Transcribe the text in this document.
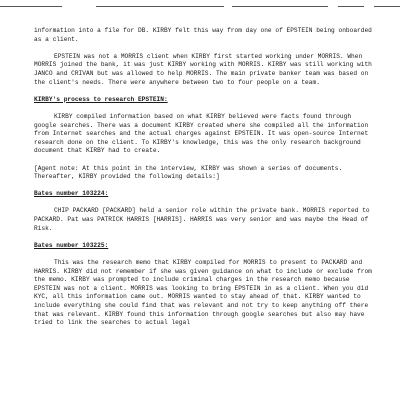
information into a file for DB. KIRBY felt this way from day one of EPSTEIN being onboarded as a client.

EPSTEIN was not a MORRIS client when KIRBY first started working under MORRIS. When MORRIS joined the bank, it was just KIRBY working with MORRIS. KIRBY was still working with JANCO and CRIVAN but was allowed to help MORRIS. The main private banker team was based on the client's needs. There were anywhere between two to four people on a team.

KIRBY's process to research EPSTEIN:

KIRBY compiled information based on what KIRBY believed were facts found through google searches. There was a document KIRBY created where she compiled all the information from Internet searches and the actual charges against EPSTEIN. It was open-source Internet research done on the client. To KIRBY's knowledge, this was the only research background document that KIRBY had to create.

[Agent note: At this point in the interview, KIRBY was shown a series of documents. Thereafter, KIRBY provided the following details:]

Bates number 103224:

CHIP PACKARD [PACKARD] held a senior role within the private bank. MORRIS reported to PACKARD. Pat was PATRICK HARRIS [HARRIS]. HARRIS was very senior and was maybe the Head of Risk.

Bates number 103225:

This was the research memo that KIRBY compiled for MORRIS to present to PACKARD and HARRIS. KIRBY did not remember if she was given guidance on what to include or exclude from the memo. KIRBY was prompted to include criminal charges in the research memo because EPSTEIN was not a client. MORRIS was looking to bring EPSTEIN in as a client. When you did KYC, all this information came out. MORRIS wanted to stay ahead of that. KIRBY wanted to include everything she could find that was relevant and not try to keep anything off there that was relevant. KIRBY found this information through google searches but also may have tried to link the searches to actual legal
